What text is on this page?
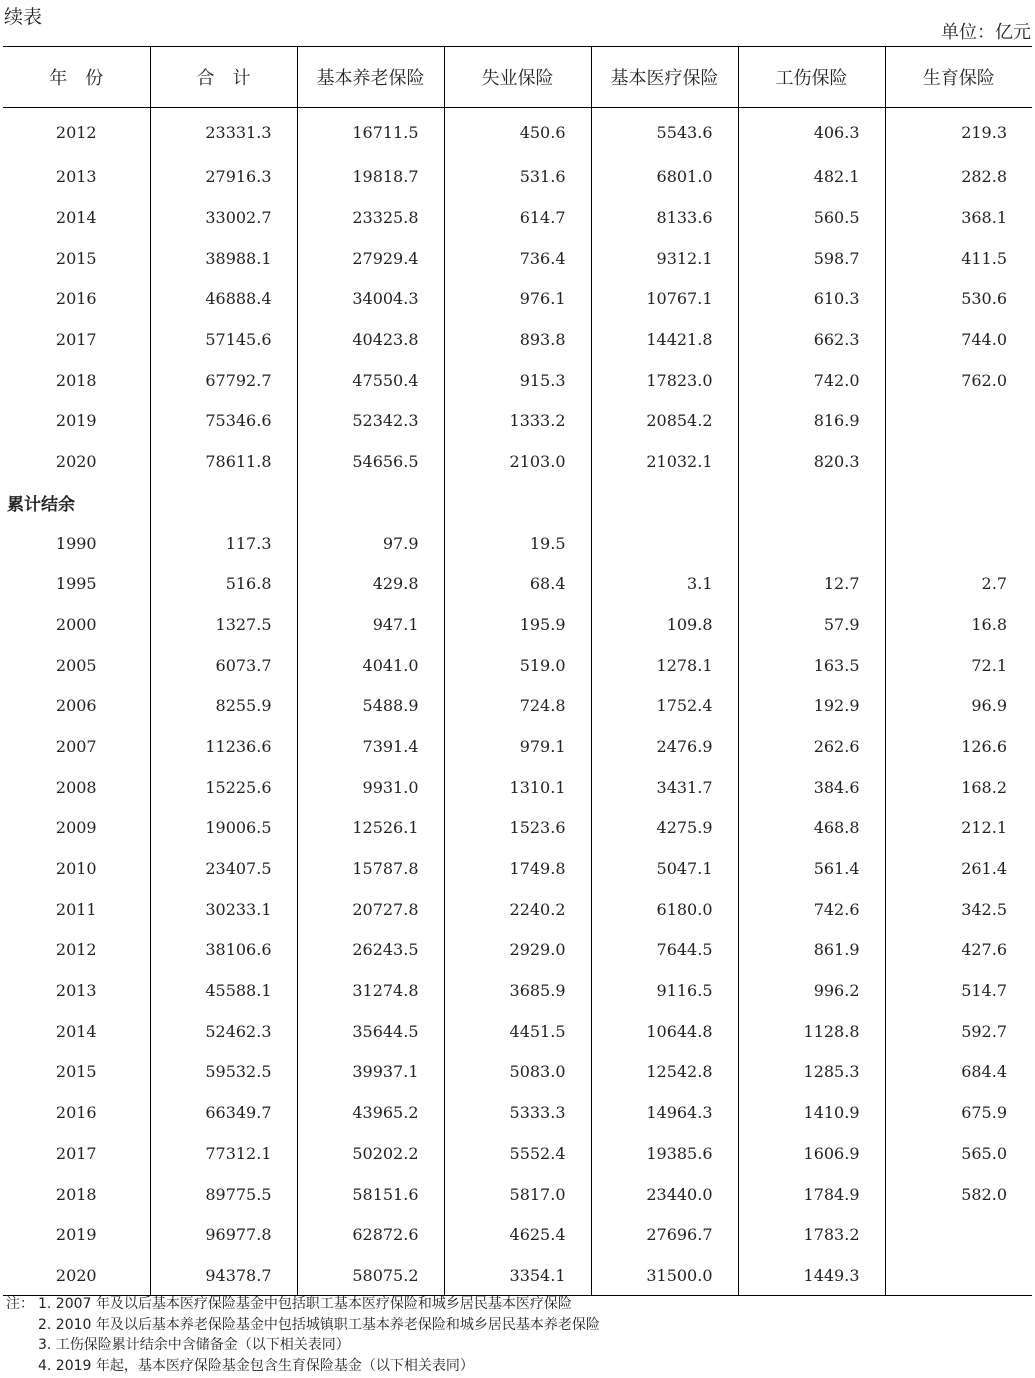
续表
单位：亿元
年　份	合　计	基本养老保险	失业保险	基本医疗保险	工伤保险	生育保险
2012	23331.3	16711.5	450.6	5543.6	406.3	219.3
2013	27916.3	19818.7	531.6	6801.0	482.1	282.8
2014	33002.7	23325.8	614.7	8133.6	560.5	368.1
2015	38988.1	27929.4	736.4	9312.1	598.7	411.5
2016	46888.4	34004.3	976.1	10767.1	610.3	530.6
2017	57145.6	40423.8	893.8	14421.8	662.3	744.0
2018	67792.7	47550.4	915.3	17823.0	742.0	762.0
2019	75346.6	52342.3	1333.2	20854.2	816.9	
2020	78611.8	54656.5	2103.0	21032.1	820.3	
累计结余						
1990	117.3	97.9	19.5			
1995	516.8	429.8	68.4	3.1	12.7	2.7
2000	1327.5	947.1	195.9	109.8	57.9	16.8
2005	6073.7	4041.0	519.0	1278.1	163.5	72.1
2006	8255.9	5488.9	724.8	1752.4	192.9	96.9
2007	11236.6	7391.4	979.1	2476.9	262.6	126.6
2008	15225.6	9931.0	1310.1	3431.7	384.6	168.2
2009	19006.5	12526.1	1523.6	4275.9	468.8	212.1
2010	23407.5	15787.8	1749.8	5047.1	561.4	261.4
2011	30233.1	20727.8	2240.2	6180.0	742.6	342.5
2012	38106.6	26243.5	2929.0	7644.5	861.9	427.6
2013	45588.1	31274.8	3685.9	9116.5	996.2	514.7
2014	52462.3	35644.5	4451.5	10644.8	1128.8	592.7
2015	59532.5	39937.1	5083.0	12542.8	1285.3	684.4
2016	66349.7	43965.2	5333.3	14964.3	1410.9	675.9
2017	77312.1	50202.2	5552.4	19385.6	1606.9	565.0
2018	89775.5	58151.6	5817.0	23440.0	1784.9	582.0
2019	96977.8	62872.6	4625.4	27696.7	1783.2	
2020	94378.7	58075.2	3354.1	31500.0	1449.3	
注： 1. 2007 年及以后基本医疗保险基金中包括职工基本医疗保险和城乡居民基本医疗保险
2. 2010 年及以后基本养老保险基金中包括城镇职工基本养老保险和城乡居民基本养老保险
3. 工伤保险累计结余中含储备金（以下相关表同）
4. 2019 年起，基本医疗保险基金包含生育保险基金（以下相关表同）
